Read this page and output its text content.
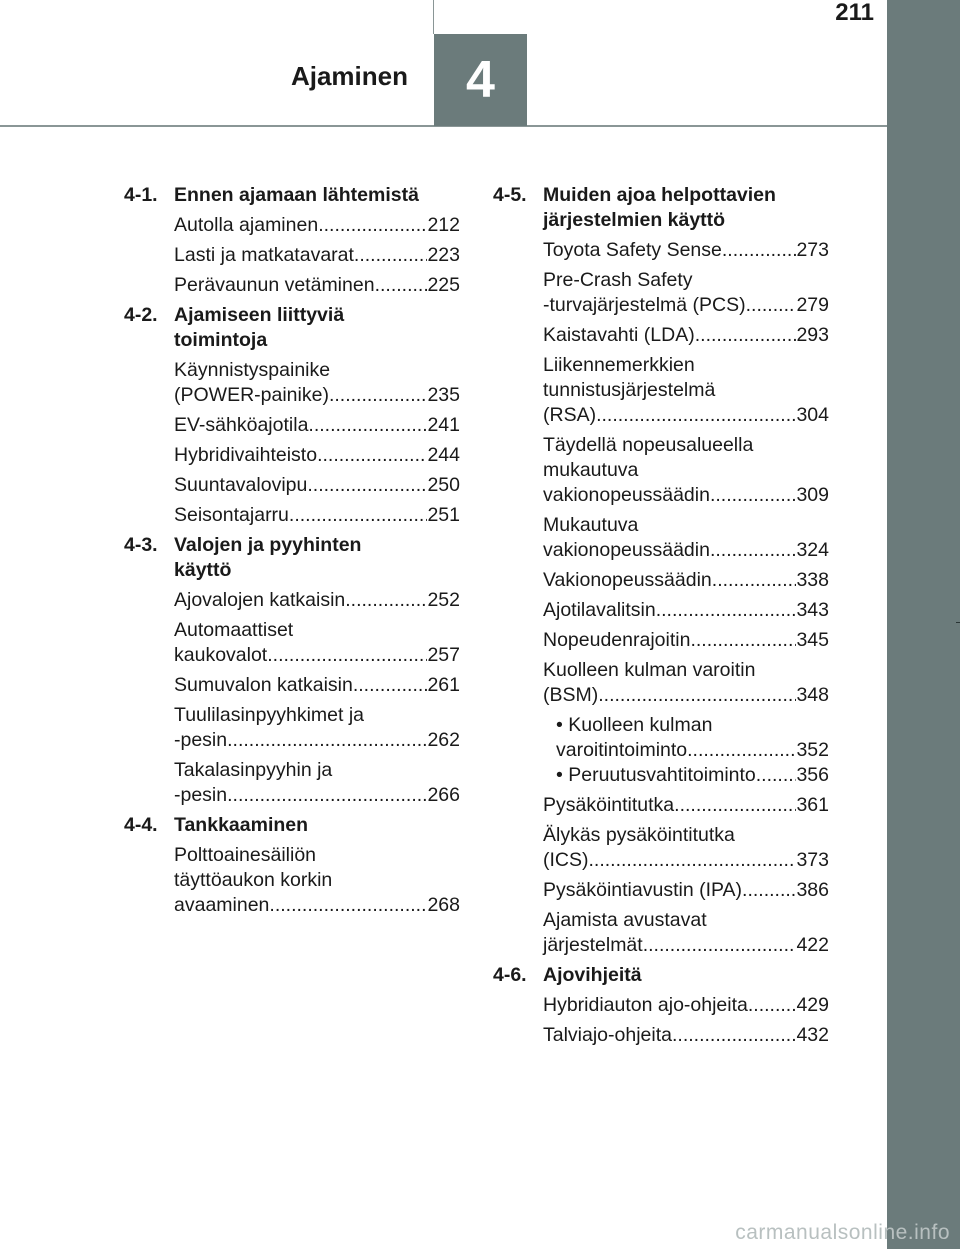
211
4
Ajaminen
4-1. Ennen ajamaan lähtemistä
Autolla ajaminen .....	212
Lasti ja matkatavarat .....	223
Perävaunun vetäminen .....	225
4-2. Ajamiseen liittyviä
toimintoja
Käynnistyspainike
(POWER-painike) .....	235
EV-sähköajotila .....	241
Hybridivaihteisto .....	244
Suuntavalovipu .....	250
Seisontajarru .....	251
4-3. Valojen ja pyyhinten
käyttö
Ajovalojen katkaisin .....	252
Automaattiset
kaukovalot .....	257
Sumuvalon katkaisin .....	261
Tuulilasinpyyhkimet ja
-pesin .....	262
Takalasinpyyhin ja
-pesin .....	266
4-4. Tankkaaminen
Polttoainesäiliön
täyttöaukon korkin
avaaminen .....	268
4-5. Muiden ajoa helpottavien
järjestelmien käyttö
Toyota Safety Sense .....	273
Pre-Crash Safety
-turvajärjestelmä (PCS) .....	279
Kaistavahti (LDA) .....	293
Liikennemerkkien
tunnistusjärjestelmä
(RSA) .....	304
Täydellä nopeusalueella
mukautuva
vakionopeussäädin .....	309
Mukautuva
vakionopeussäädin .....	324
Vakionopeussäädin .....	338
Ajotilavalitsin .....	343
Nopeudenrajoitin .....	345
Kuolleen kulman varoitin
(BSM) .....	348
• Kuolleen kulman
varoitintoiminto .....	352
• Peruutusvahtitoiminto ..... 356
Pysäköintitutka .....	361
Älykäs pysäköintitutka
(ICS) .....	373
Pysäköintiavustin (IPA) .....	386
Ajamista avustavat
järjestelmät .....	422
4-6. Ajovihjeitä
Hybridiauton ajo-ohjeita ..... 429
Talviajo-ohjeita .....	432
carmanualsonline.info
